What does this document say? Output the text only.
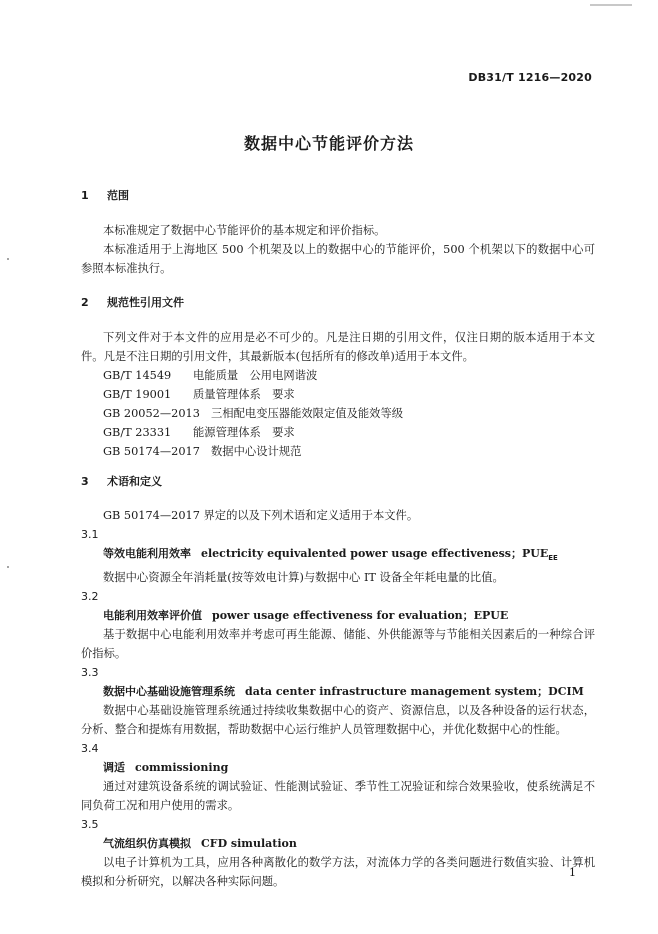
DB31/T 1216—2020
数据中心节能评价方法
1 范围

本标准规定了数据中心节能评价的基本规定和评价指标。

本标准适用于上海地区 500 个机架及以上的数据中心的节能评价，500 个机架以下的数据中心可参照本标准执行。

2 规范性引用文件

下列文件对于本文件的应用是必不可少的。凡是注日期的引用文件，仅注日期的版本适用于本文件。凡是不注日期的引用文件，其最新版本(包括所有的修改单)适用于本文件。

GB/T 14549 电能质量　公用电网谐波

GB/T 19001 质量管理体系　要求

GB 20052—2013 三相配电变压器能效限定值及能效等级

GB/T 23331 能源管理体系　要求

GB 50174—2017 数据中心设计规范

3 术语和定义

GB 50174—2017 界定的以及下列术语和定义适用于本文件。

3.1

等效电能利用效率 electricity equivalented power usage effectiveness；$PUE_{EE}$

数据中心资源全年消耗量(按等效电计算)与数据中心 IT 设备全年耗电量的比值。

3.2

电能利用效率评价值 power usage effectiveness for evaluation；EPUE

基于数据中心电能利用效率并考虑可再生能源、储能、外供能源等与节能相关因素后的一种综合评价指标。

3.3

数据中心基础设施管理系统 data center infrastructure management system；DCIM

数据中心基础设施管理系统通过持续收集数据中心的资产、资源信息，以及各种设备的运行状态，分析、整合和提炼有用数据，帮助数据中心运行维护人员管理数据中心，并优化数据中心的性能。

3.4

调适 commissioning

通过对建筑设备系统的调试验证、性能测试验证、季节性工况验证和综合效果验收，使系统满足不同负荷工况和用户使用的需求。

3.5

气流组织仿真模拟 CFD simulation

以电子计算机为工具，应用各种离散化的数学方法，对流体力学的各类问题进行数值实验、计算机模拟和分析研究，以解决各种实际问题。

1
